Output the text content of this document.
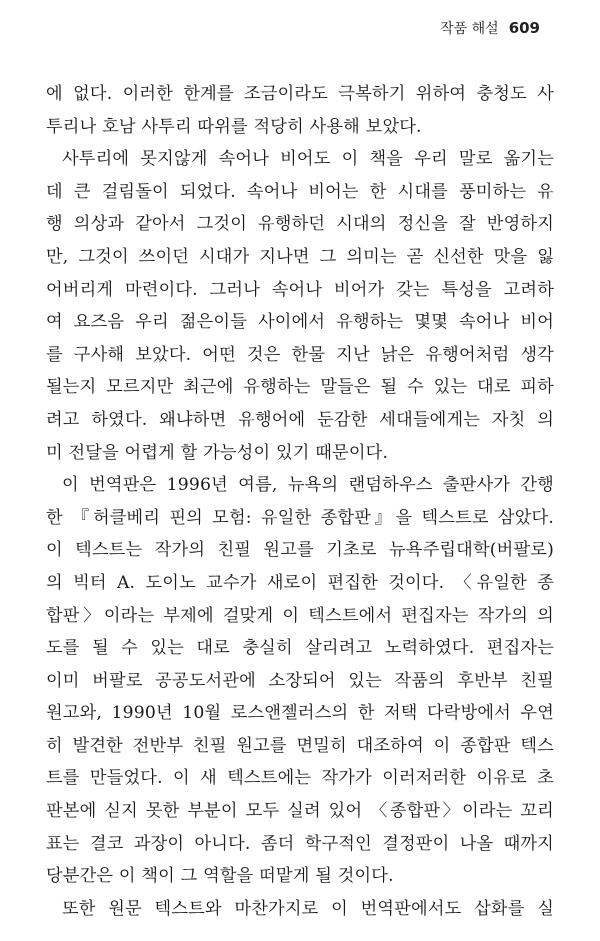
작품 해설 609
에 없다. 이러한 한계를 조금이라도 극복하기 위하여 충청도 사
투리나 호남 사투리 따위를 적당히 사용해 보았다.
사투리에 못지않게 속어나 비어도 이 책을 우리 말로 옮기는
데 큰 걸림돌이 되었다. 속어나 비어는 한 시대를 풍미하는 유
행 의상과 같아서 그것이 유행하던 시대의 정신을 잘 반영하지
만, 그것이 쓰이던 시대가 지나면 그 의미는 곧 신선한 맛을 잃
어버리게 마련이다. 그러나 속어나 비어가 갖는 특성을 고려하
여 요즈음 우리 젊은이들 사이에서 유행하는 몇몇 속어나 비어
를 구사해 보았다. 어떤 것은 한물 지난 낡은 유행어처럼 생각
될는지 모르지만 최근에 유행하는 말들은 될 수 있는 대로 피하
려고 하였다. 왜냐하면 유행어에 둔감한 세대들에게는 자칫 의
미 전달을 어렵게 할 가능성이 있기 때문이다.
이 번역판은 1996년 여름, 뉴욕의 랜덤하우스 출판사가 간행
한 『허클베리 핀의 모험: 유일한 종합판』을 텍스트로 삼았다.
이 텍스트는 작가의 친필 원고를 기초로 뉴욕주립대학(버팔로)
의 빅터 A. 도이노 교수가 새로이 편집한 것이다. 〈유일한 종
합판〉이라는 부제에 걸맞게 이 텍스트에서 편집자는 작가의 의
도를 될 수 있는 대로 충실히 살리려고 노력하였다. 편집자는
이미 버팔로 공공도서관에 소장되어 있는 작품의 후반부 친필
원고와, 1990년 10월 로스앤젤러스의 한 저택 다락방에서 우연
히 발견한 전반부 친필 원고를 면밀히 대조하여 이 종합판 텍스
트를 만들었다. 이 새 텍스트에는 작가가 이러저러한 이유로 초
판본에 싣지 못한 부분이 모두 실려 있어 〈종합판〉이라는 꼬리
표는 결코 과장이 아니다. 좀더 학구적인 결정판이 나올 때까지
당분간은 이 책이 그 역할을 떠맡게 될 것이다.
또한 원문 텍스트와 마찬가지로 이 번역판에서도 삽화를 실
